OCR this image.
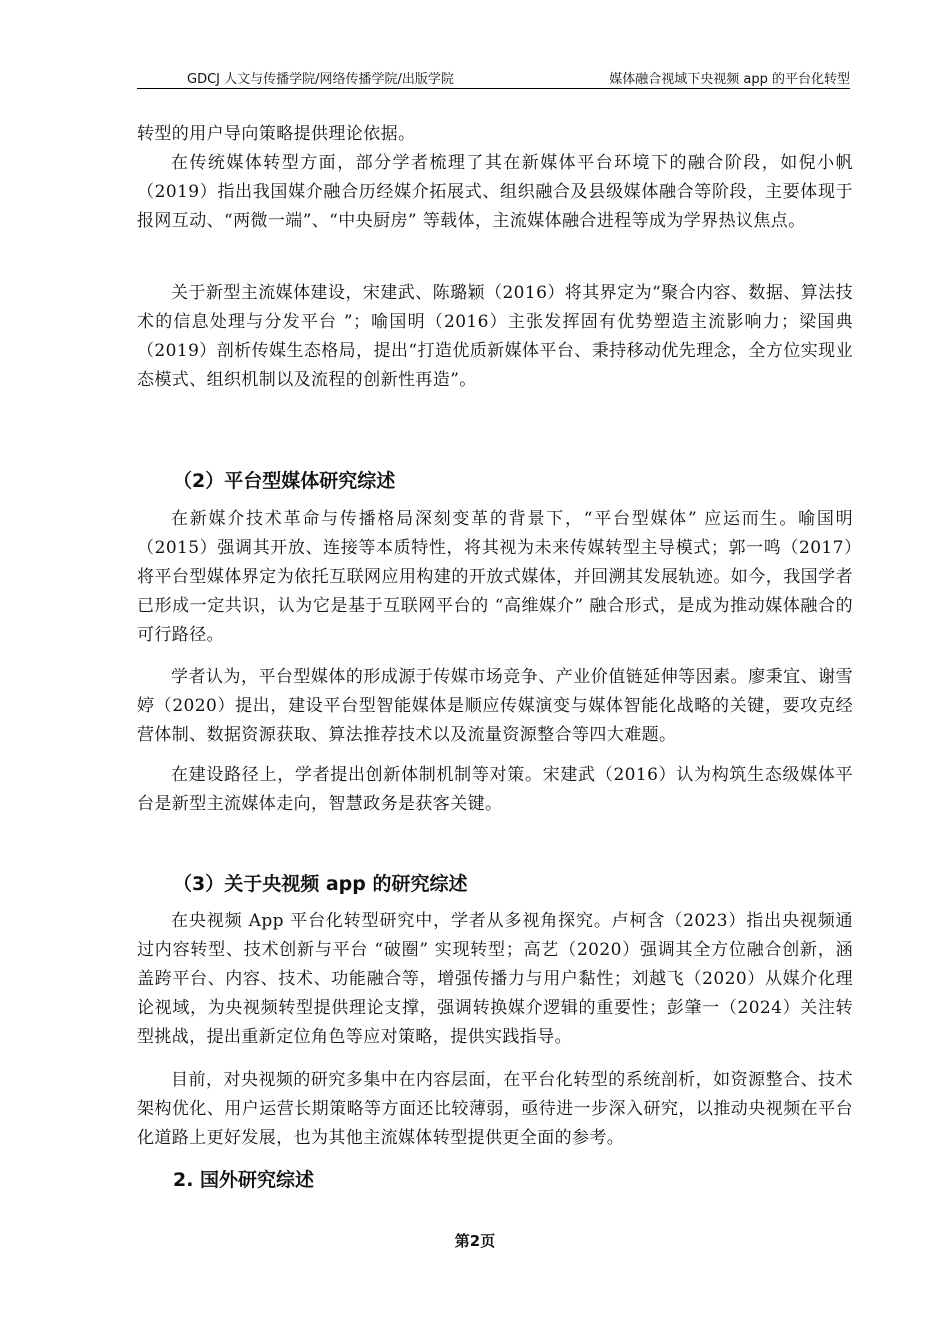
GDCJ 人文与传播学院/网络传播学院/出版学院	媒体融合视域下央视频 app 的平台化转型
转型的用户导向策略提供理论依据。
在传统媒体转型方面，部分学者梳理了其在新媒体平台环境下的融合阶段，如倪小帆（2019）指出我国媒介融合历经媒介拓展式、组织融合及县级媒体融合等阶段，主要体现于报网互动、“两微一端”、“中央厨房” 等载体，主流媒体融合进程等成为学界热议焦点。
关于新型主流媒体建设，宋建武、陈璐颖（2016）将其界定为“聚合内容、数据、算法技术的信息处理与分发平台 ”；喻国明（2016）主张发挥固有优势塑造主流影响力；梁国典（2019）剖析传媒生态格局，提出“打造优质新媒体平台、秉持移动优先理念，全方位实现业态模式、组织机制以及流程的创新性再造”。
（2）平台型媒体研究综述
在新媒介技术革命与传播格局深刻变革的背景下，“平台型媒体” 应运而生。喻国明（2015）强调其开放、连接等本质特性，将其视为未来传媒转型主导模式；郭一鸣（2017）将平台型媒体界定为依托互联网应用构建的开放式媒体，并回溯其发展轨迹。如今，我国学者已形成一定共识，认为它是基于互联网平台的 “高维媒介” 融合形式，是成为推动媒体融合的可行路径。
学者认为，平台型媒体的形成源于传媒市场竞争、产业价值链延伸等因素。廖秉宜、谢雪婷（2020）提出，建设平台型智能媒体是顺应传媒演变与媒体智能化战略的关键，要攻克经营体制、数据资源获取、算法推荐技术以及流量资源整合等四大难题。
在建设路径上，学者提出创新体制机制等对策。宋建武（2016）认为构筑生态级媒体平台是新型主流媒体走向，智慧政务是获客关键。
（3）关于央视频 app 的研究综述
在央视频 App 平台化转型研究中，学者从多视角探究。卢柯含（2023）指出央视频通过内容转型、技术创新与平台 “破圈” 实现转型；高艺（2020）强调其全方位融合创新，涵盖跨平台、内容、技术、功能融合等，增强传播力与用户黏性；刘越飞（2020）从媒介化理论视域，为央视频转型提供理论支撑，强调转换媒介逻辑的重要性；彭肇一（2024）关注转型挑战，提出重新定位角色等应对策略，提供实践指导。
目前，对央视频的研究多集中在内容层面，在平台化转型的系统剖析，如资源整合、技术架构优化、用户运营长期策略等方面还比较薄弱，亟待进一步深入研究，以推动央视频在平台化道路上更好发展，也为其他主流媒体转型提供更全面的参考。
2. 国外研究综述
第2页
